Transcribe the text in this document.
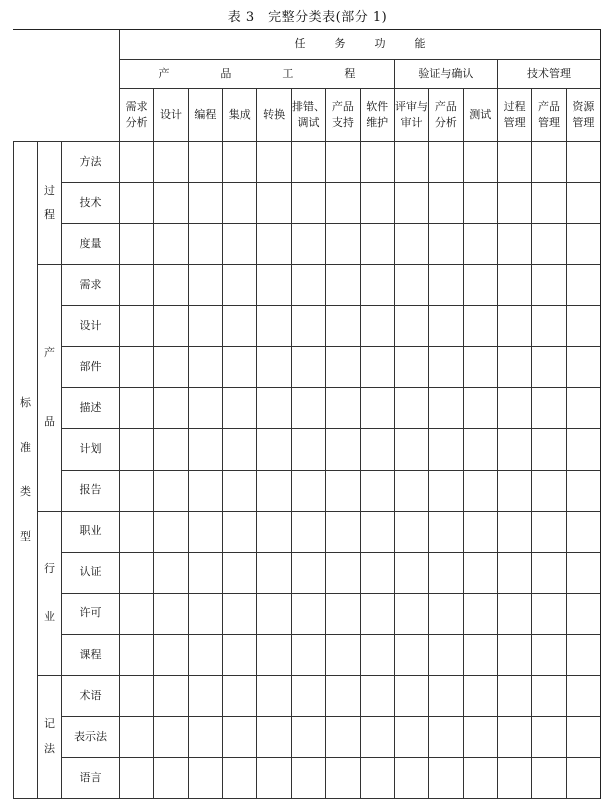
表 3　完整分类表(部分 1)
任　务　功　能
产　品　工　程	验证与确认	技术管理
需求
分析
设计 编程 集成 转换
排错、
调试
产品
支持
软件
维护
评审与
审计
产品
分析
测试
过程
管理
产品
管理
资源
管理
标
准
类
型
过
程
方法
技术
度量
产
品
需求
设计
部件
描述
计划
报告
行
业
职业
认证
许可
课程
记
法
术语
表示法
语言
